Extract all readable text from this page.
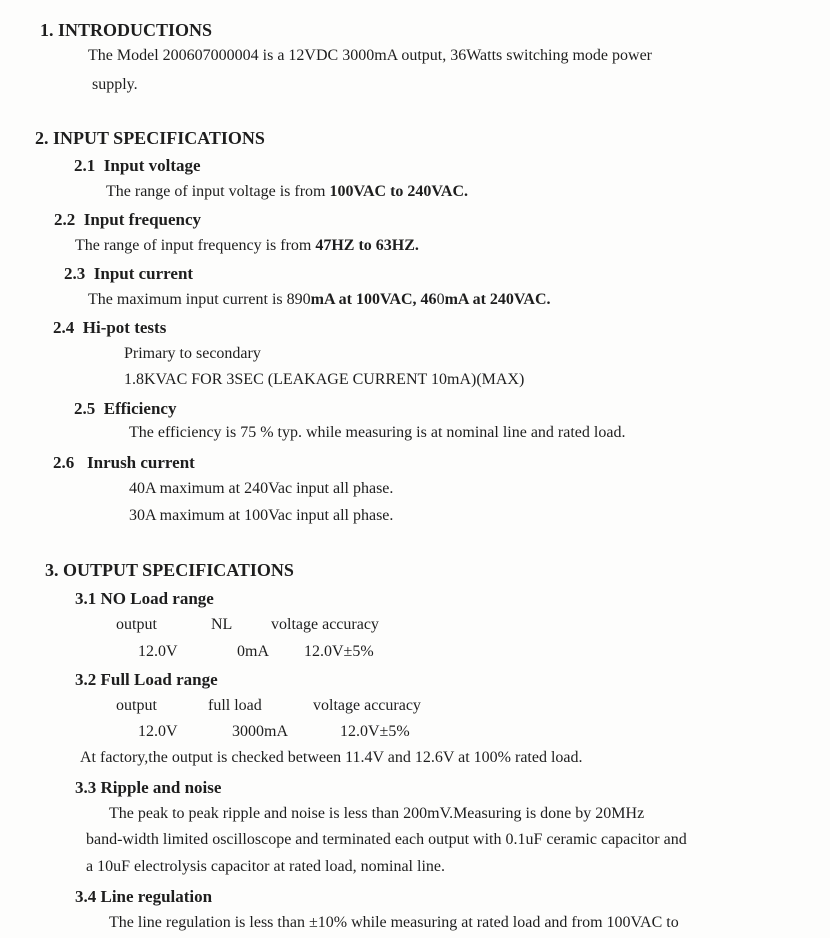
1. INTRODUCTIONS
The Model 200607000004 is a 12VDC 3000mA output, 36Watts switching mode power
supply.
2. INPUT SPECIFICATIONS
2.1 Input voltage
The range of input voltage is from 100VAC to 240VAC.
2.2 Input frequency
The range of input frequency is from 47HZ to 63HZ.
2.3 Input current
The maximum input current is 890mA at 100VAC, 460mA at 240VAC.
2.4 Hi-pot tests
Primary to secondary
1.8KVAC FOR 3SEC (LEAKAGE CURRENT 10mA)(MAX)
2.5 Efficiency
The efficiency is 75 % typ. while measuring is at nominal line and rated load.
2.6 Inrush current
40A maximum at 240Vac input all phase.
30A maximum at 100Vac input all phase.
3. OUTPUT SPECIFICATIONS
3.1 NO Load range
output	NL voltage accuracy
12.0V	0mA 12.0V±5%
3.2 Full Load range
output	full load	voltage accuracy
12.0V	3000mA	12.0V±5%
At factory,the output is checked between 11.4V and 12.6V at 100% rated load.
3.3 Ripple and noise
The peak to peak ripple and noise is less than 200mV.Measuring is done by 20MHz
band-width limited oscilloscope and terminated each output with 0.1uF ceramic capacitor and
a 10uF electrolysis capacitor at rated load, nominal line.
3.4 Line regulation
The line regulation is less than ±10% while measuring at rated load and from 100VAC to
